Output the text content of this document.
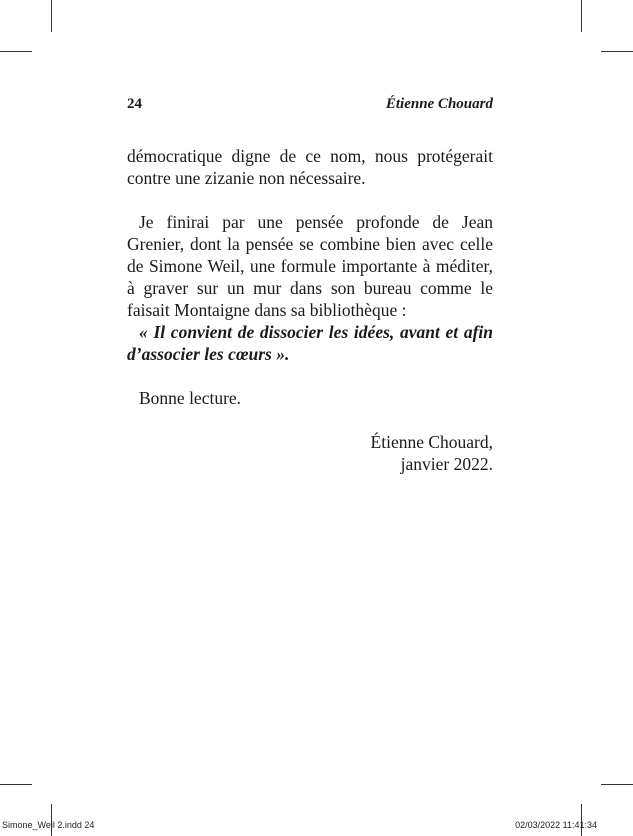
24	Étienne Chouard

démocratique digne de ce nom, nous protégerait contre une zizanie non nécessaire.

Je finirai par une pensée profonde de Jean Grenier, dont la pensée se combine bien avec celle de Simone Weil, une formule importante à méditer, à graver sur un mur dans son bureau comme le faisait Montaigne dans sa bibliothèque :

« Il convient de dissocier les idées, avant et afin d’associer les cœurs ».

Bonne lecture.

Étienne Chouard,
janvier 2022.
Simone_Weil 2.indd 24	02/03/2022 11:41:34
